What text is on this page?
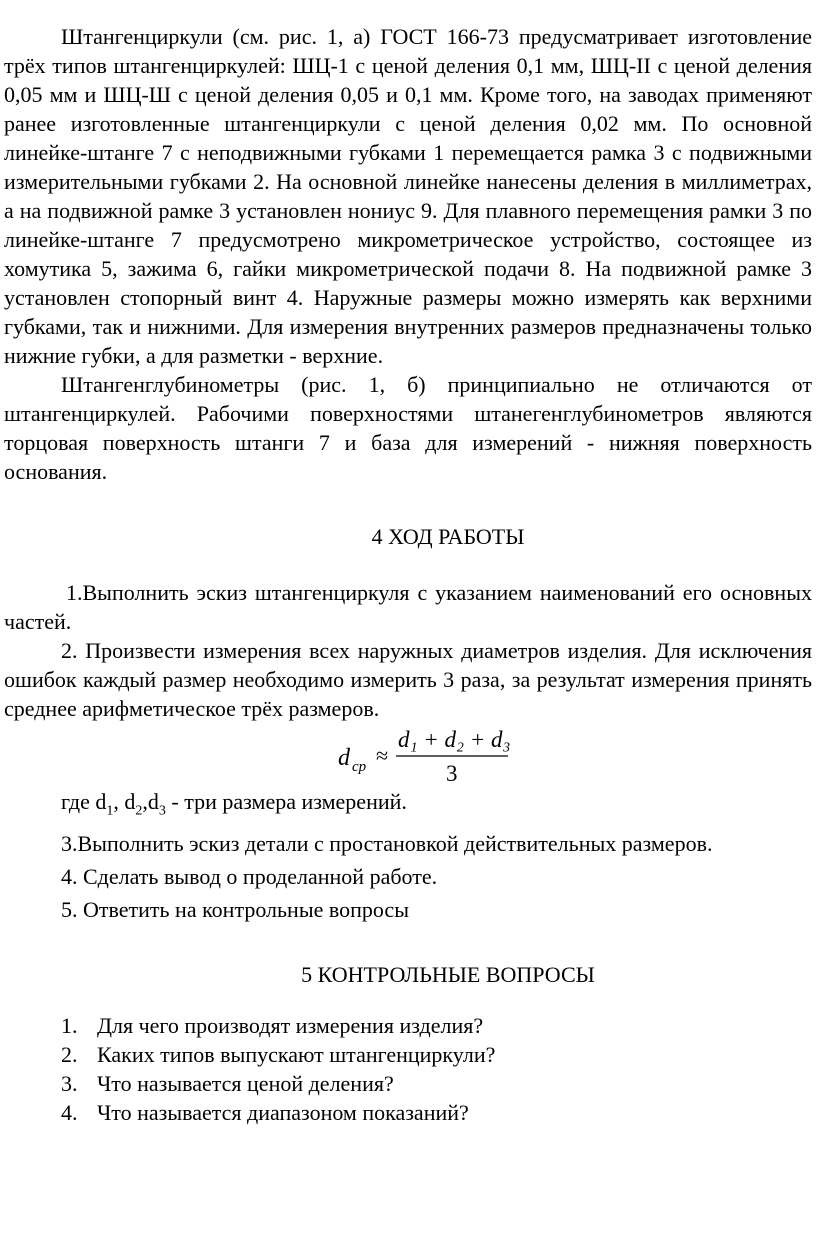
Штангенциркули (см. рис. 1, а) ГОСТ 166-73 предусматривает изготовление трёх типов штангенциркулей: ШЦ-1 с ценой деления 0,1 мм, ШЦ-II с ценой деления 0,05 мм и ШЦ-Ш с ценой деления 0,05 и 0,1 мм. Кроме того, на заводах применяют ранее изготовленные штангенциркули с ценой деления 0,02 мм. По основной линейке-штанге 7 с неподвижными губками 1 перемещается рамка 3 с подвижными измерительными губками 2. На основной линейке нанесены деления в миллиметрах, а на подвижной рамке 3 установлен нониус 9. Для плавного перемещения рамки 3 по линейке-штанге 7 предусмотрено микрометрическое устройство, состоящее из хомутика 5, зажима 6, гайки микрометрической подачи 8. На подвижной рамке 3 установлен стопорный винт 4. Наружные размеры можно измерять как верхними губками, так и нижними. Для измерения внутренних размеров предназначены только нижние губки, а для разметки - верхние.

Штангенглубинометры (рис. 1, б) принципиально не отличаются от штангенциркулей. Рабочими поверхностями штанегенглубинометров являются торцовая поверхность штанги 7 и база для измерений - нижняя поверхность основания.

4 ХОД РАБОТЫ

1.Выполнить эскиз штангенциркуля с указанием наименований его основных частей.

2. Произвести измерения всех наружных диаметров изделия. Для исключения ошибок каждый размер необходимо измерить 3 раза, за результат измерения принять среднее арифметическое трёх размеров.

d ср ≈
d₁ + d₂ + d₃
3

где $d_1$, $d_2,d_3$ - три размера измерений.

3.Выполнить эскиз детали с простановкой действительных размеров.

4. Сделать вывод о проделанной работе.

5. Ответить на контрольные вопросы

5 КОНТРОЛЬНЫЕ ВОПРОСЫ

1. Для чего производят измерения изделия?
2. Каких типов выпускают штангенциркули?
3. Что называется ценой деления?
4. Что называется диапазоном показаний?
